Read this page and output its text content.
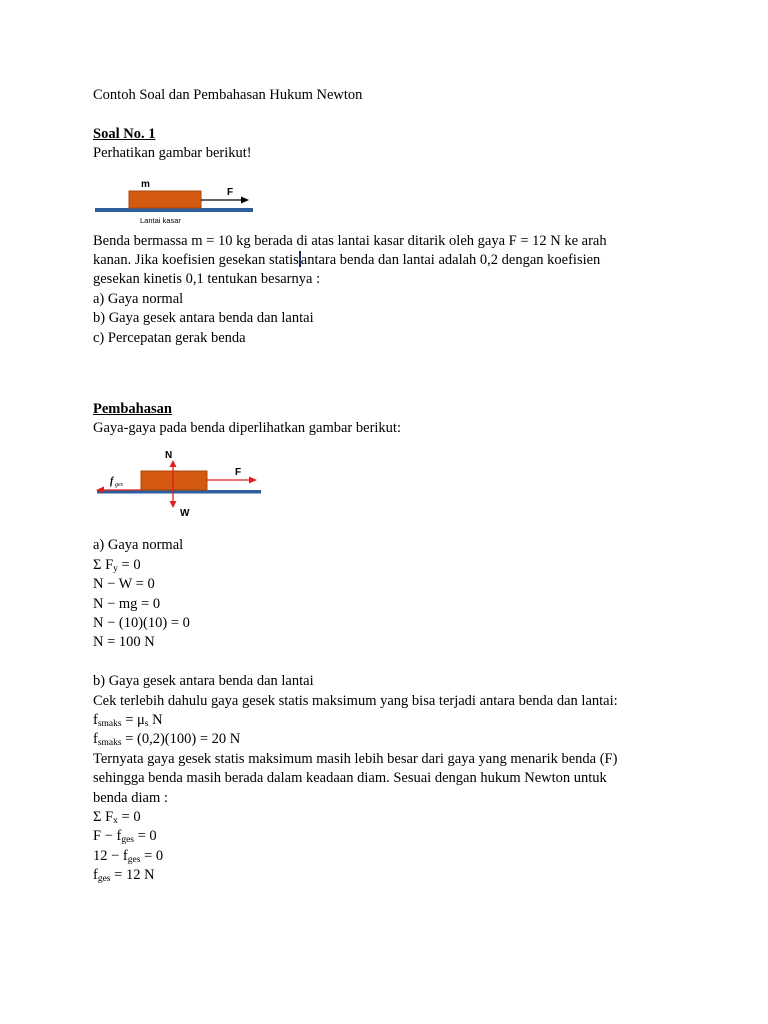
Contoh Soal dan Pembahasan Hukum Newton
Soal No. 1
Perhatikan gambar berikut!
m
F
Lantai kasar
Benda bermassa m = 10 kg berada di atas lantai kasar ditarik oleh gaya F = 12 N ke arah
kanan. Jika koefisien gesekan statis antara benda dan lantai adalah 0,2 dengan koefisien
gesekan kinetis 0,1 tentukan besarnya :
a) Gaya normal
b) Gaya gesek antara benda dan lantai
c) Percepatan gerak benda
Pembahasan
Gaya-gaya pada benda diperlihatkan gambar berikut:
N
F
W
f ges
a) Gaya normal
Σ $F_y = 0$
N − W = 0
N − mg = 0
N − (10)(10) = 0
N = 100 N
b) Gaya gesek antara benda dan lantai
Cek terlebih dahulu gaya gesek statis maksimum yang bisa terjadi antara benda dan lantai:
$f_{smaks} = \mu_s$ N
$f_{smaks} = (0,2)(100) = 20$ N
Ternyata gaya gesek statis maksimum masih lebih besar dari gaya yang menarik benda (F)
sehingga benda masih berada dalam keadaan diam. Sesuai dengan hukum Newton untuk
benda diam :
Σ $F_x = 0$
$F - f_{ges} = 0$
$12 - f_{ges} = 0$
$f_{ges} = 12$ N
